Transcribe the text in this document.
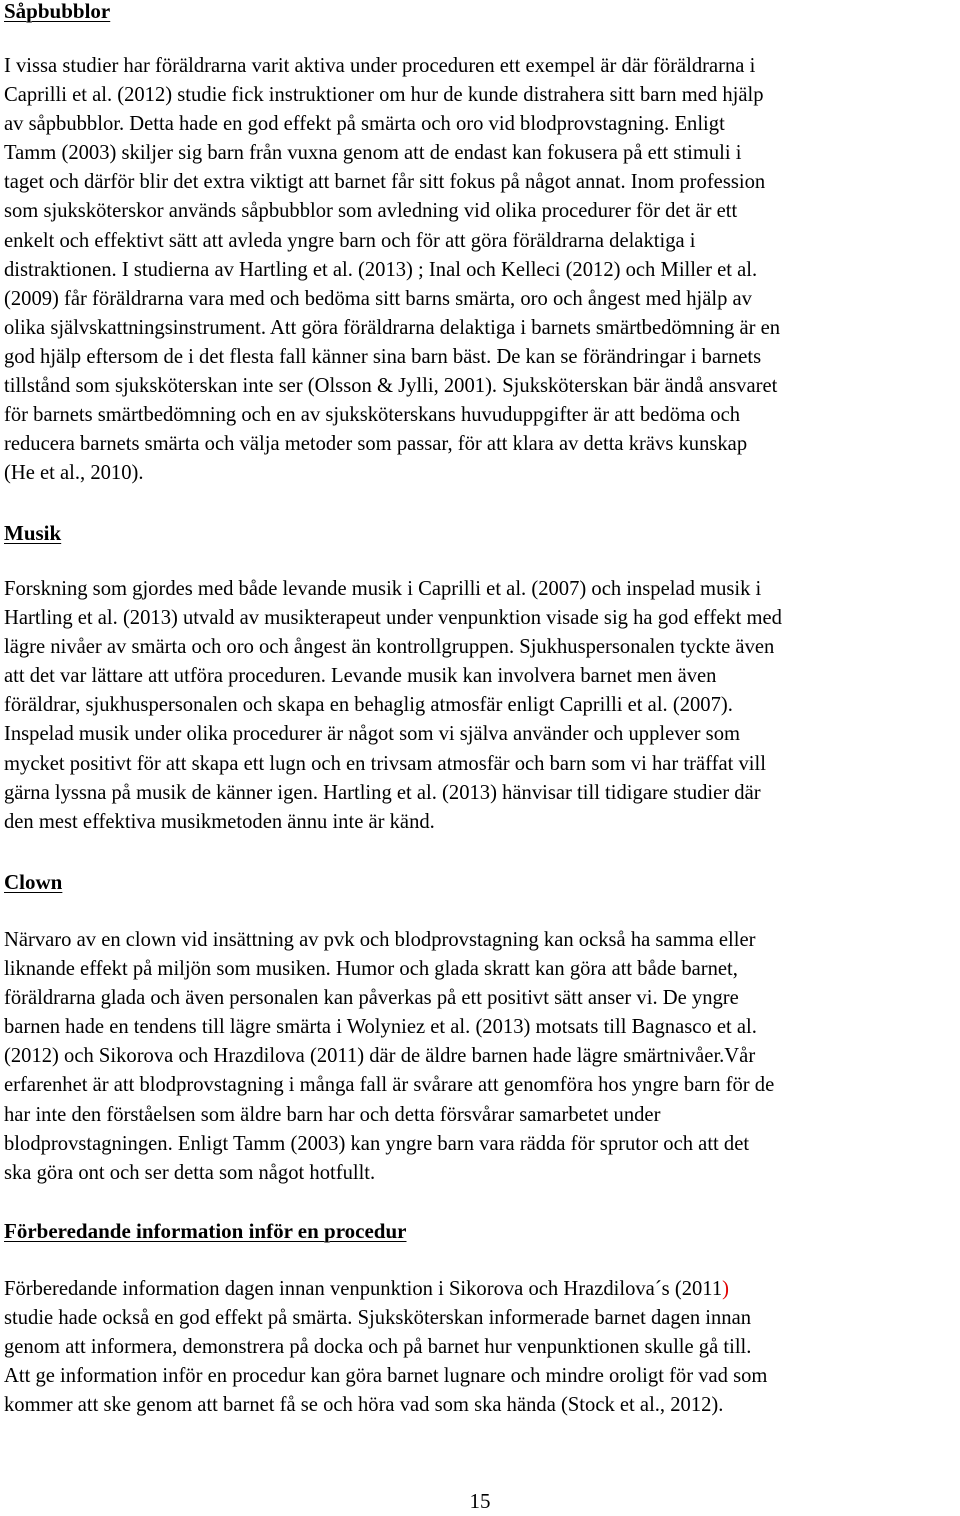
Såpbubblor

I vissa studier har föräldrarna varit aktiva under proceduren ett exempel är där föräldrarna i
Caprilli et al. (2012) studie fick instruktioner om hur de kunde distrahera sitt barn med hjälp
av såpbubblor. Detta hade en god effekt på smärta och oro vid blodprovstagning. Enligt
Tamm (2003) skiljer sig barn från vuxna genom att de endast kan fokusera på ett stimuli i
taget och därför blir det extra viktigt att barnet får sitt fokus på något annat. Inom profession
som sjuksköterskor används såpbubblor som avledning vid olika procedurer för det är ett
enkelt och effektivt sätt att avleda yngre barn och för att göra föräldrarna delaktiga i
distraktionen. I studierna av Hartling et al. (2013) ; Inal och Kelleci (2012) och Miller et al.
(2009) får föräldrarna vara med och bedöma sitt barns smärta, oro och ångest med hjälp av
olika självskattningsinstrument. Att göra föräldrarna delaktiga i barnets smärtbedömning är en
god hjälp eftersom de i det flesta fall känner sina barn bäst. De kan se förändringar i barnets
tillstånd som sjuksköterskan inte ser (Olsson & Jylli, 2001). Sjuksköterskan bär ändå ansvaret
för barnets smärtbedömning och en av sjuksköterskans huvuduppgifter är att bedöma och
reducera barnets smärta och välja metoder som passar, för att klara av detta krävs kunskap
(He et al., 2010).

Musik

Forskning som gjordes med både levande musik i Caprilli et al. (2007) och inspelad musik i
Hartling et al. (2013) utvald av musikterapeut under venpunktion visade sig ha god effekt med
lägre nivåer av smärta och oro och ångest än kontrollgruppen. Sjukhuspersonalen tyckte även
att det var lättare att utföra proceduren. Levande musik kan involvera barnet men även
föräldrar, sjukhuspersonalen och skapa en behaglig atmosfär enligt Caprilli et al. (2007).
Inspelad musik under olika procedurer är något som vi själva använder och upplever som
mycket positivt för att skapa ett lugn och en trivsam atmosfär och barn som vi har träffat vill
gärna lyssna på musik de känner igen. Hartling et al. (2013) hänvisar till tidigare studier där
den mest effektiva musikmetoden ännu inte är känd.

Clown

Närvaro av en clown vid insättning av pvk och blodprovstagning kan också ha samma eller
liknande effekt på miljön som musiken. Humor och glada skratt kan göra att både barnet,
föräldrarna glada och även personalen kan påverkas på ett positivt sätt anser vi. De yngre
barnen hade en tendens till lägre smärta i Wolyniez et al. (2013) motsats till Bagnasco et al.
(2012) och Sikorova och Hrazdilova (2011) där de äldre barnen hade lägre smärtnivåer.Vår
erfarenhet är att blodprovstagning i många fall är svårare att genomföra hos yngre barn för de
har inte den förståelsen som äldre barn har och detta försvårar samarbetet under
blodprovstagningen. Enligt Tamm (2003) kan yngre barn vara rädda för sprutor och att det
ska göra ont och ser detta som något hotfullt.

Förberedande information inför en procedur

Förberedande information dagen innan venpunktion i Sikorova och Hrazdilova´s (2011)
studie hade också en god effekt på smärta. Sjuksköterskan informerade barnet dagen innan
genom att informera, demonstrera på docka och på barnet hur venpunktionen skulle gå till.
Att ge information inför en procedur kan göra barnet lugnare och mindre oroligt för vad som
kommer att ske genom att barnet få se och höra vad som ska hända (Stock et al., 2012).

15
